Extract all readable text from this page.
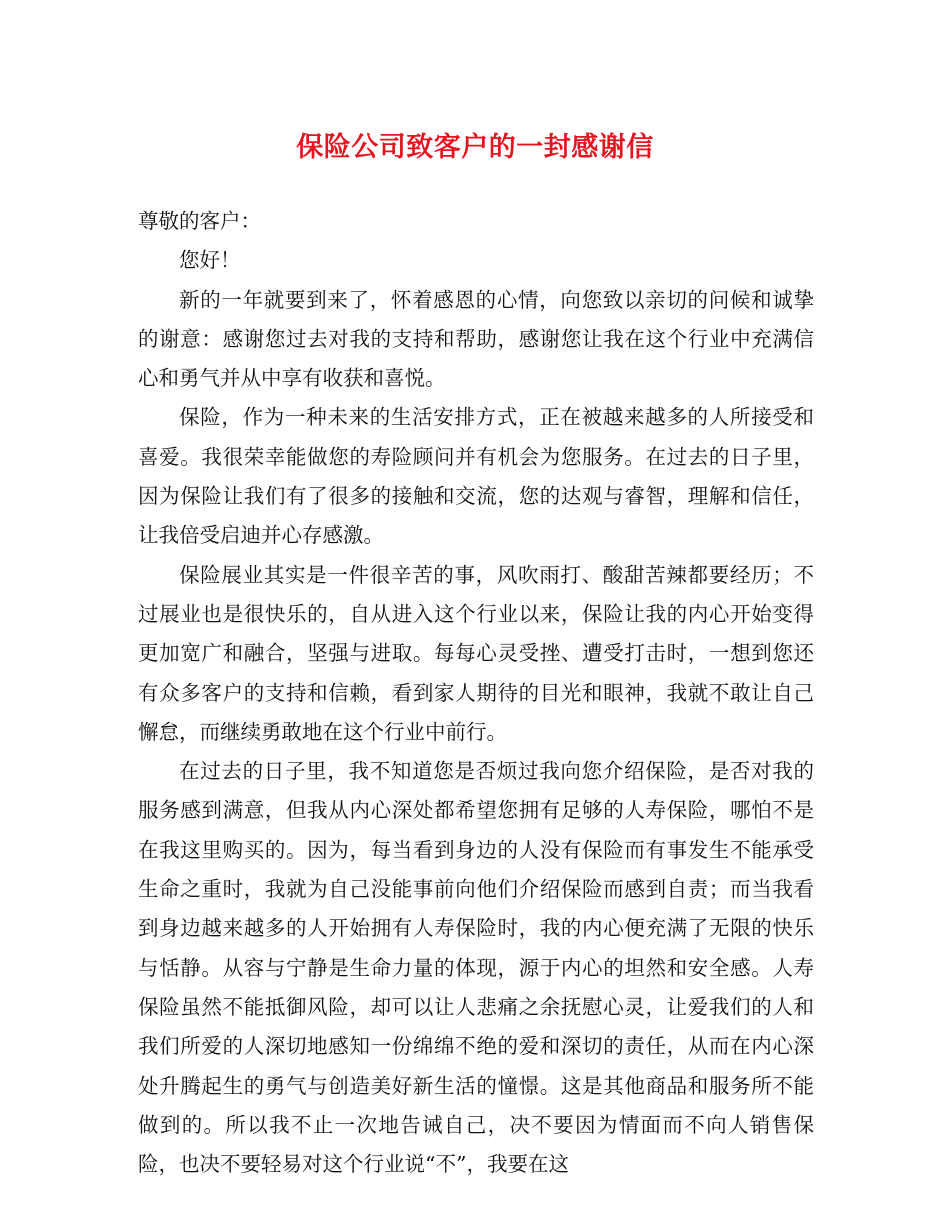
保险公司致客户的一封感谢信

尊敬的客户：

您好！

新的一年就要到来了，怀着感恩的心情，向您致以亲切的问候和诚挚的谢意：感谢您过去对我的支持和帮助，感谢您让我在这个行业中充满信心和勇气并从中享有收获和喜悦。

保险，作为一种未来的生活安排方式，正在被越来越多的人所接受和喜爱。我很荣幸能做您的寿险顾问并有机会为您服务。在过去的日子里，因为保险让我们有了很多的接触和交流，您的达观与睿智，理解和信任，让我倍受启迪并心存感激。

保险展业其实是一件很辛苦的事，风吹雨打、酸甜苦辣都要经历；不过展业也是很快乐的，自从进入这个行业以来，保险让我的内心开始变得更加宽广和融合，坚强与进取。每每心灵受挫、遭受打击时，一想到您还有众多客户的支持和信赖，看到家人期待的目光和眼神，我就不敢让自己懈怠，而继续勇敢地在这个行业中前行。

在过去的日子里，我不知道您是否烦过我向您介绍保险，是否对我的服务感到满意，但我从内心深处都希望您拥有足够的人寿保险，哪怕不是在我这里购买的。因为，每当看到身边的人没有保险而有事发生不能承受生命之重时，我就为自己没能事前向他们介绍保险而感到自责；而当我看到身边越来越多的人开始拥有人寿保险时，我的内心便充满了无限的快乐与恬静。从容与宁静是生命力量的体现，源于内心的坦然和安全感。人寿保险虽然不能抵御风险，却可以让人悲痛之余抚慰心灵，让爱我们的人和我们所爱的人深切地感知一份绵绵不绝的爱和深切的责任，从而在内心深处升腾起生的勇气与创造美好新生活的憧憬。这是其他商品和服务所不能做到的。所以我不止一次地告诫自己，决不要因为情面而不向人销售保险，也决不要轻易对这个行业说“不”，我要在这
